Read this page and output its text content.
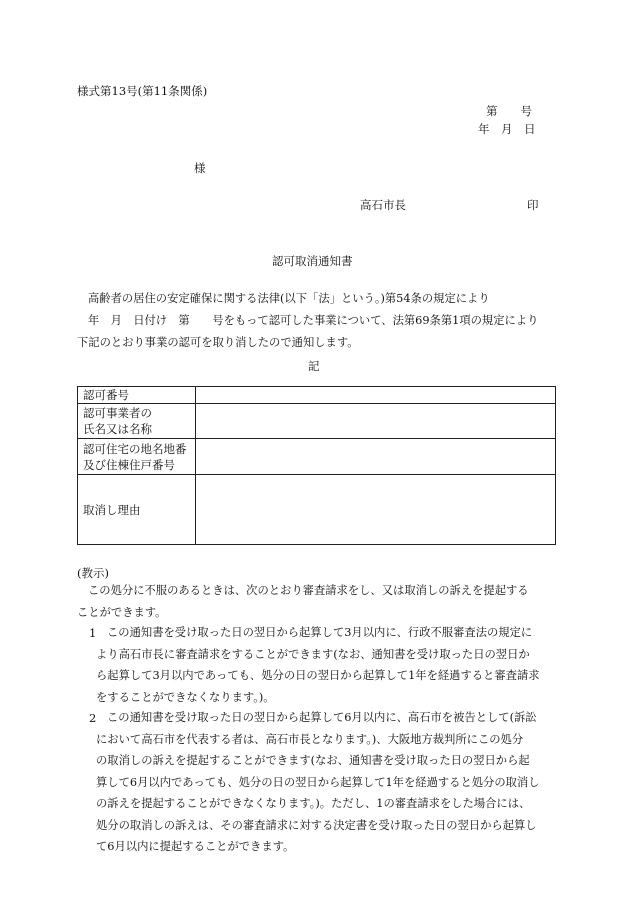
様式第13号(第11条関係)
第　　号
年　月　日
様
高石市長	印
認可取消通知書
高齢者の居住の安定確保に関する法律(以下「法」という。)第54条の規定により
年　月　日付け　第　　号をもって認可した事業について、法第69条第1項の規定により
下記のとおり事業の認可を取り消したので通知します。
記
認可番号	
認可事業者の
氏名又は名称	
認可住宅の地名地番
及び住棟住戸番号	
取消し理由	
(教示)
この処分に不服のあるときは、次のとおり審査請求をし、又は取消しの訴えを提起する
ことができます。
1 この通知書を受け取った日の翌日から起算して3月以内に、行政不服審査法の規定に
より高石市長に審査請求をすることができます(なお、通知書を受け取った日の翌日か
ら起算して3月以内であっても、処分の日の翌日から起算して1年を経過すると審査請求
をすることができなくなります。)。
2 この通知書を受け取った日の翌日から起算して6月以内に、高石市を被告として(訴訟
において高石市を代表する者は、高石市長となります。)、大阪地方裁判所にこの処分
の取消しの訴えを提起することができます(なお、通知書を受け取った日の翌日から起
算して6月以内であっても、処分の日の翌日から起算して1年を経過すると処分の取消し
の訴えを提起することができなくなります。)。ただし、1の審査請求をした場合には、
処分の取消しの訴えは、その審査請求に対する決定書を受け取った日の翌日から起算し
て6月以内に提起することができます。
